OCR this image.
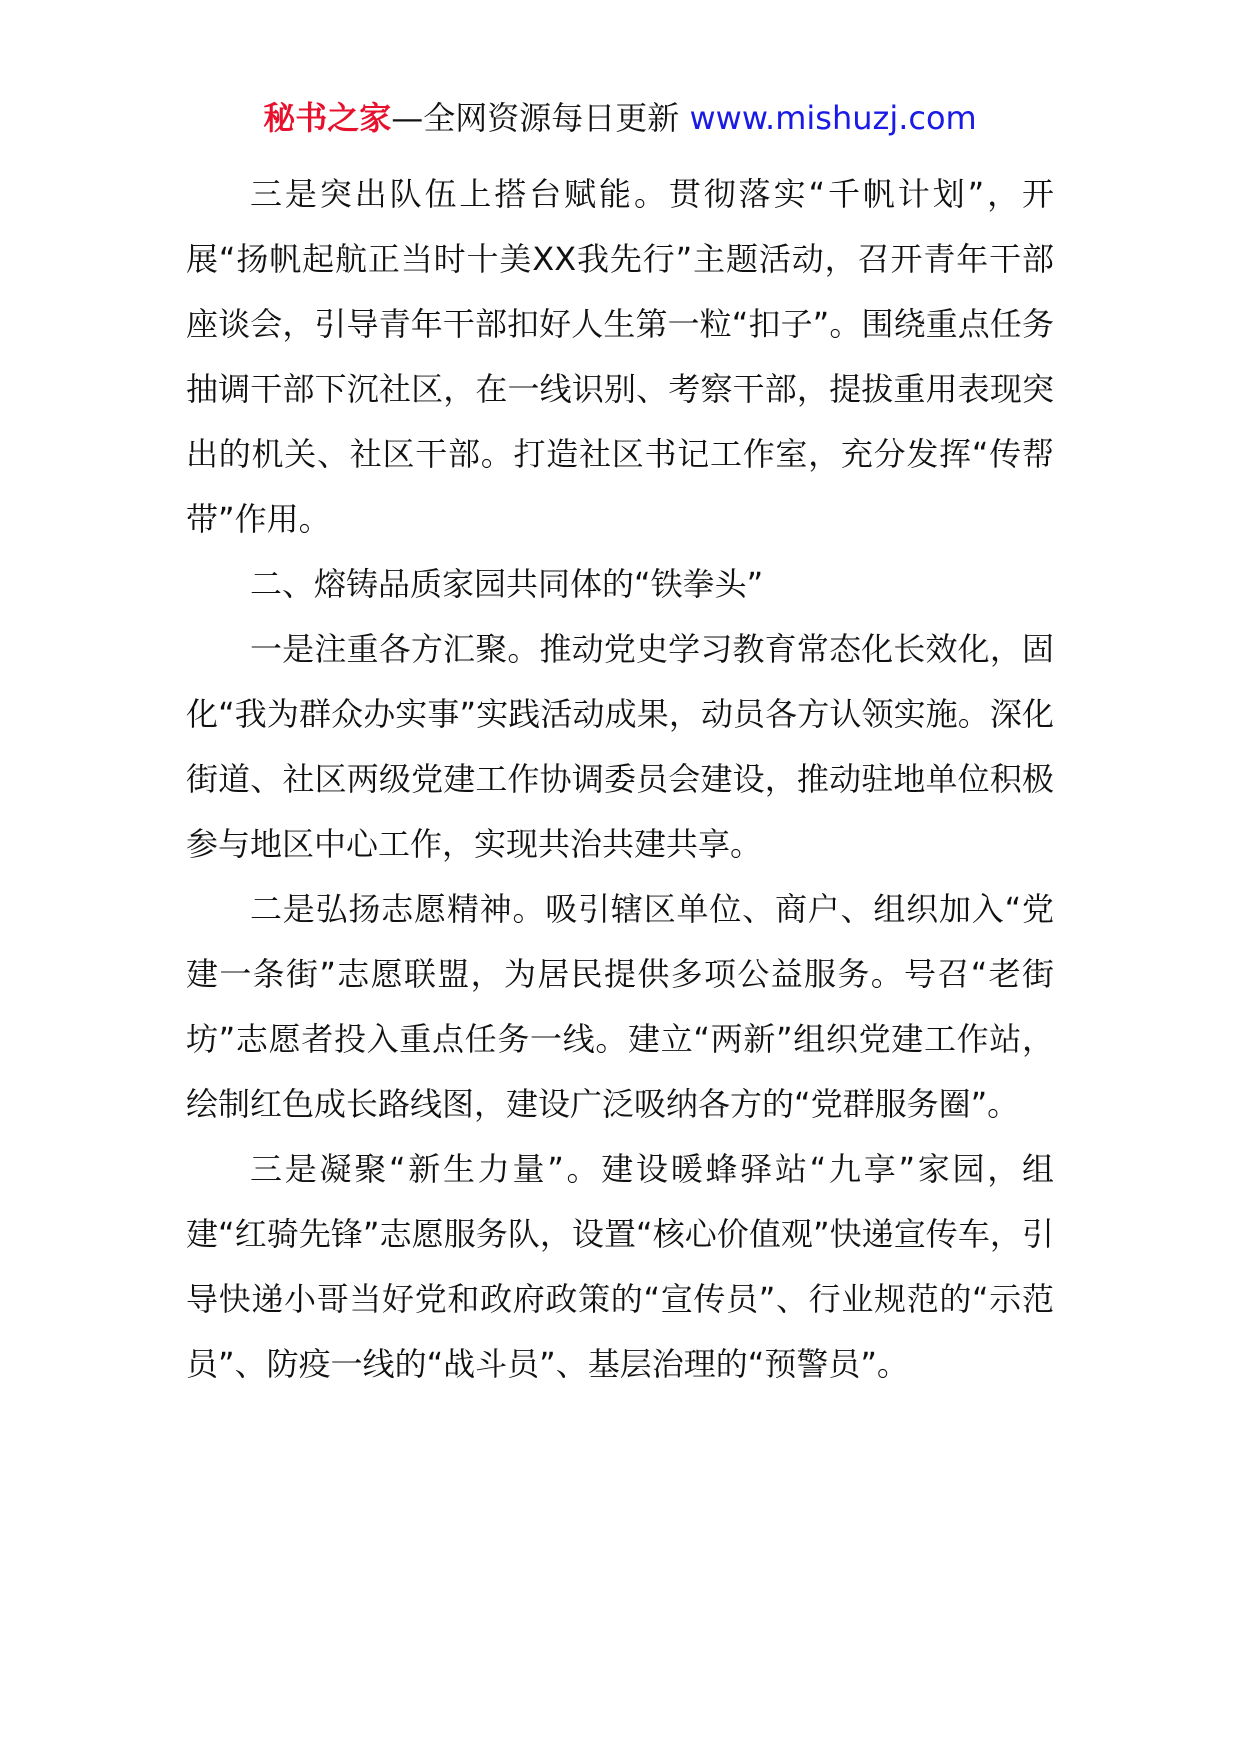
秘书之家—全网资源每日更新 www.mishuzj.com

三是突出队伍上搭台赋能。贯彻落实“千帆计划”，开展“扬帆起航正当时十美XX我先行”主题活动，召开青年干部座谈会，引导青年干部扣好人生第一粒“扣子”。围绕重点任务抽调干部下沉社区，在一线识别、考察干部，提拔重用表现突出的机关、社区干部。打造社区书记工作室，充分发挥“传帮带”作用。

二、熔铸品质家园共同体的“铁拳头”

一是注重各方汇聚。推动党史学习教育常态化长效化，固化“我为群众办实事”实践活动成果，动员各方认领实施。深化街道、社区两级党建工作协调委员会建设，推动驻地单位积极参与地区中心工作，实现共治共建共享。

二是弘扬志愿精神。吸引辖区单位、商户、组织加入“党建一条街”志愿联盟，为居民提供多项公益服务。号召“老街坊”志愿者投入重点任务一线。建立“两新”组织党建工作站，绘制红色成长路线图，建设广泛吸纳各方的“党群服务圈”。

三是凝聚“新生力量”。建设暖蜂驿站“九享”家园，组建“红骑先锋”志愿服务队，设置“核心价值观”快递宣传车，引导快递小哥当好党和政府政策的“宣传员”、行业规范的“示范员”、防疫一线的“战斗员”、基层治理的“预警员”。
